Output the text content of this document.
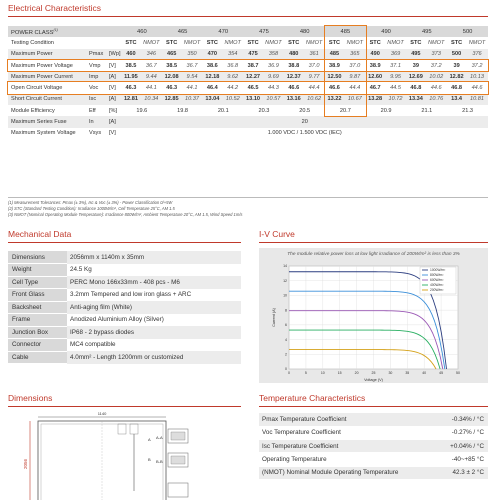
Electrical Characteristics
POWER CLASS$^{(1)}$			460		465		470		475		480		485		490		495		500	
Testing Condition			STC	NMOT	STC	NMOT	STC	NMOT	STC	NMOT	STC	NMOT	STC	NMOT	STC	NMOT	STC	NMOT	STC	NMOT
Maximum Power	Pmax	[Wp]	460	346	465	350	470	354	475	358	480	361	485	365	490	369	495	373	500	376
Maximum Power Voltage	Vmp	[V]	38.5	36.7	38.5	36.7	38.6	36.8	38.7	36.9	38.8	37.0	38.9	37.0	38.9	37.1	39	37.2	39	37.2
Maximum Power Current	Imp	[A]	11.95	9.44	12.08	9.54	12.18	9.62	12.27	9.69	12.37	9.77	12.50	9.87	12.60	9.95	12.69	10.02	12.82	10.13
Open Circuit Voltage	Voc	[V]	46.3	44.1	46.3	44.1	46.4	44.2	46.5	44.3	46.6	44.4	46.6	44.4	46.7	44.5	46.8	44.6	46.8	44.6
Short Circuit Current	Isc	[A]	12.81	10.34	12.85	10.37	13.04	10.52	13.10	10.57	13.16	10.62	13.22	10.67	13.28	10.72	13.34	10.76	13.4	10.81
Module Efficiency	Eff	[%]	19.6		19.8		20.1		20.3		20.5		20.7		20.9		21.1		21.3	
Maximum Series Fuse	In	[A]	20																	
Maximum System Voltage	Vsys	[V]	1.000 VDC / 1.500 VDC (IEC)																	
(1) Measurement Tolerances: Pmax (± 3%), Isc & Voc (± 3%) - Power Classification 0/+5W
(2) STC (Standard Testing Condition): Irradiance 1000W/m², Cell Temperature 25°C, AM 1.5
(3) NMOT (Nominal Operating Module Temperature): Irradiance 800W/m², Ambient Temperature 20°C, AM 1.5, Wind Speed 1m/s
Mechanical Data
Dimensions	2056mm x 1140m x 35mm
Weight	24.5 Kg
Cell Type	PERC Mono 166x33mm - 408 pcs - M6
Front Glass	3.2mm Tempered and low iron glass + ARC
Backsheet	Anti-aging film (White)
Frame	Anodized Aluminium Alloy (Silver)
Junction Box	IP68 - 2 bypass diodes
Connector	MC4 compatible
Cable	4.0mm² - Length 1200mm or customized
I-V Curve
The module relative power loss at low light irradiance of 200W/m² is less than 3%
0	5	10	15	20	25	30	35	40	45	50
0
2
4
6
8
10
12
14
Voltage (V)
Current (A)
1000W/m²
800W/m²
600W/m²
400W/m²
200W/m²
Dimensions
1140
2056
A
B
A-A
B-B
Temperature Characteristics
Pmax Temperature Coefficient	-0.34% / °C
Voc Temperature Coefficient	-0.27% / °C
Isc Temperature Coefficient	+0.04% / °C
Operating Temperature	-40~+85 °C
(NMOT) Nominal Module Operating Temperature	42.3 ± 2 °C
